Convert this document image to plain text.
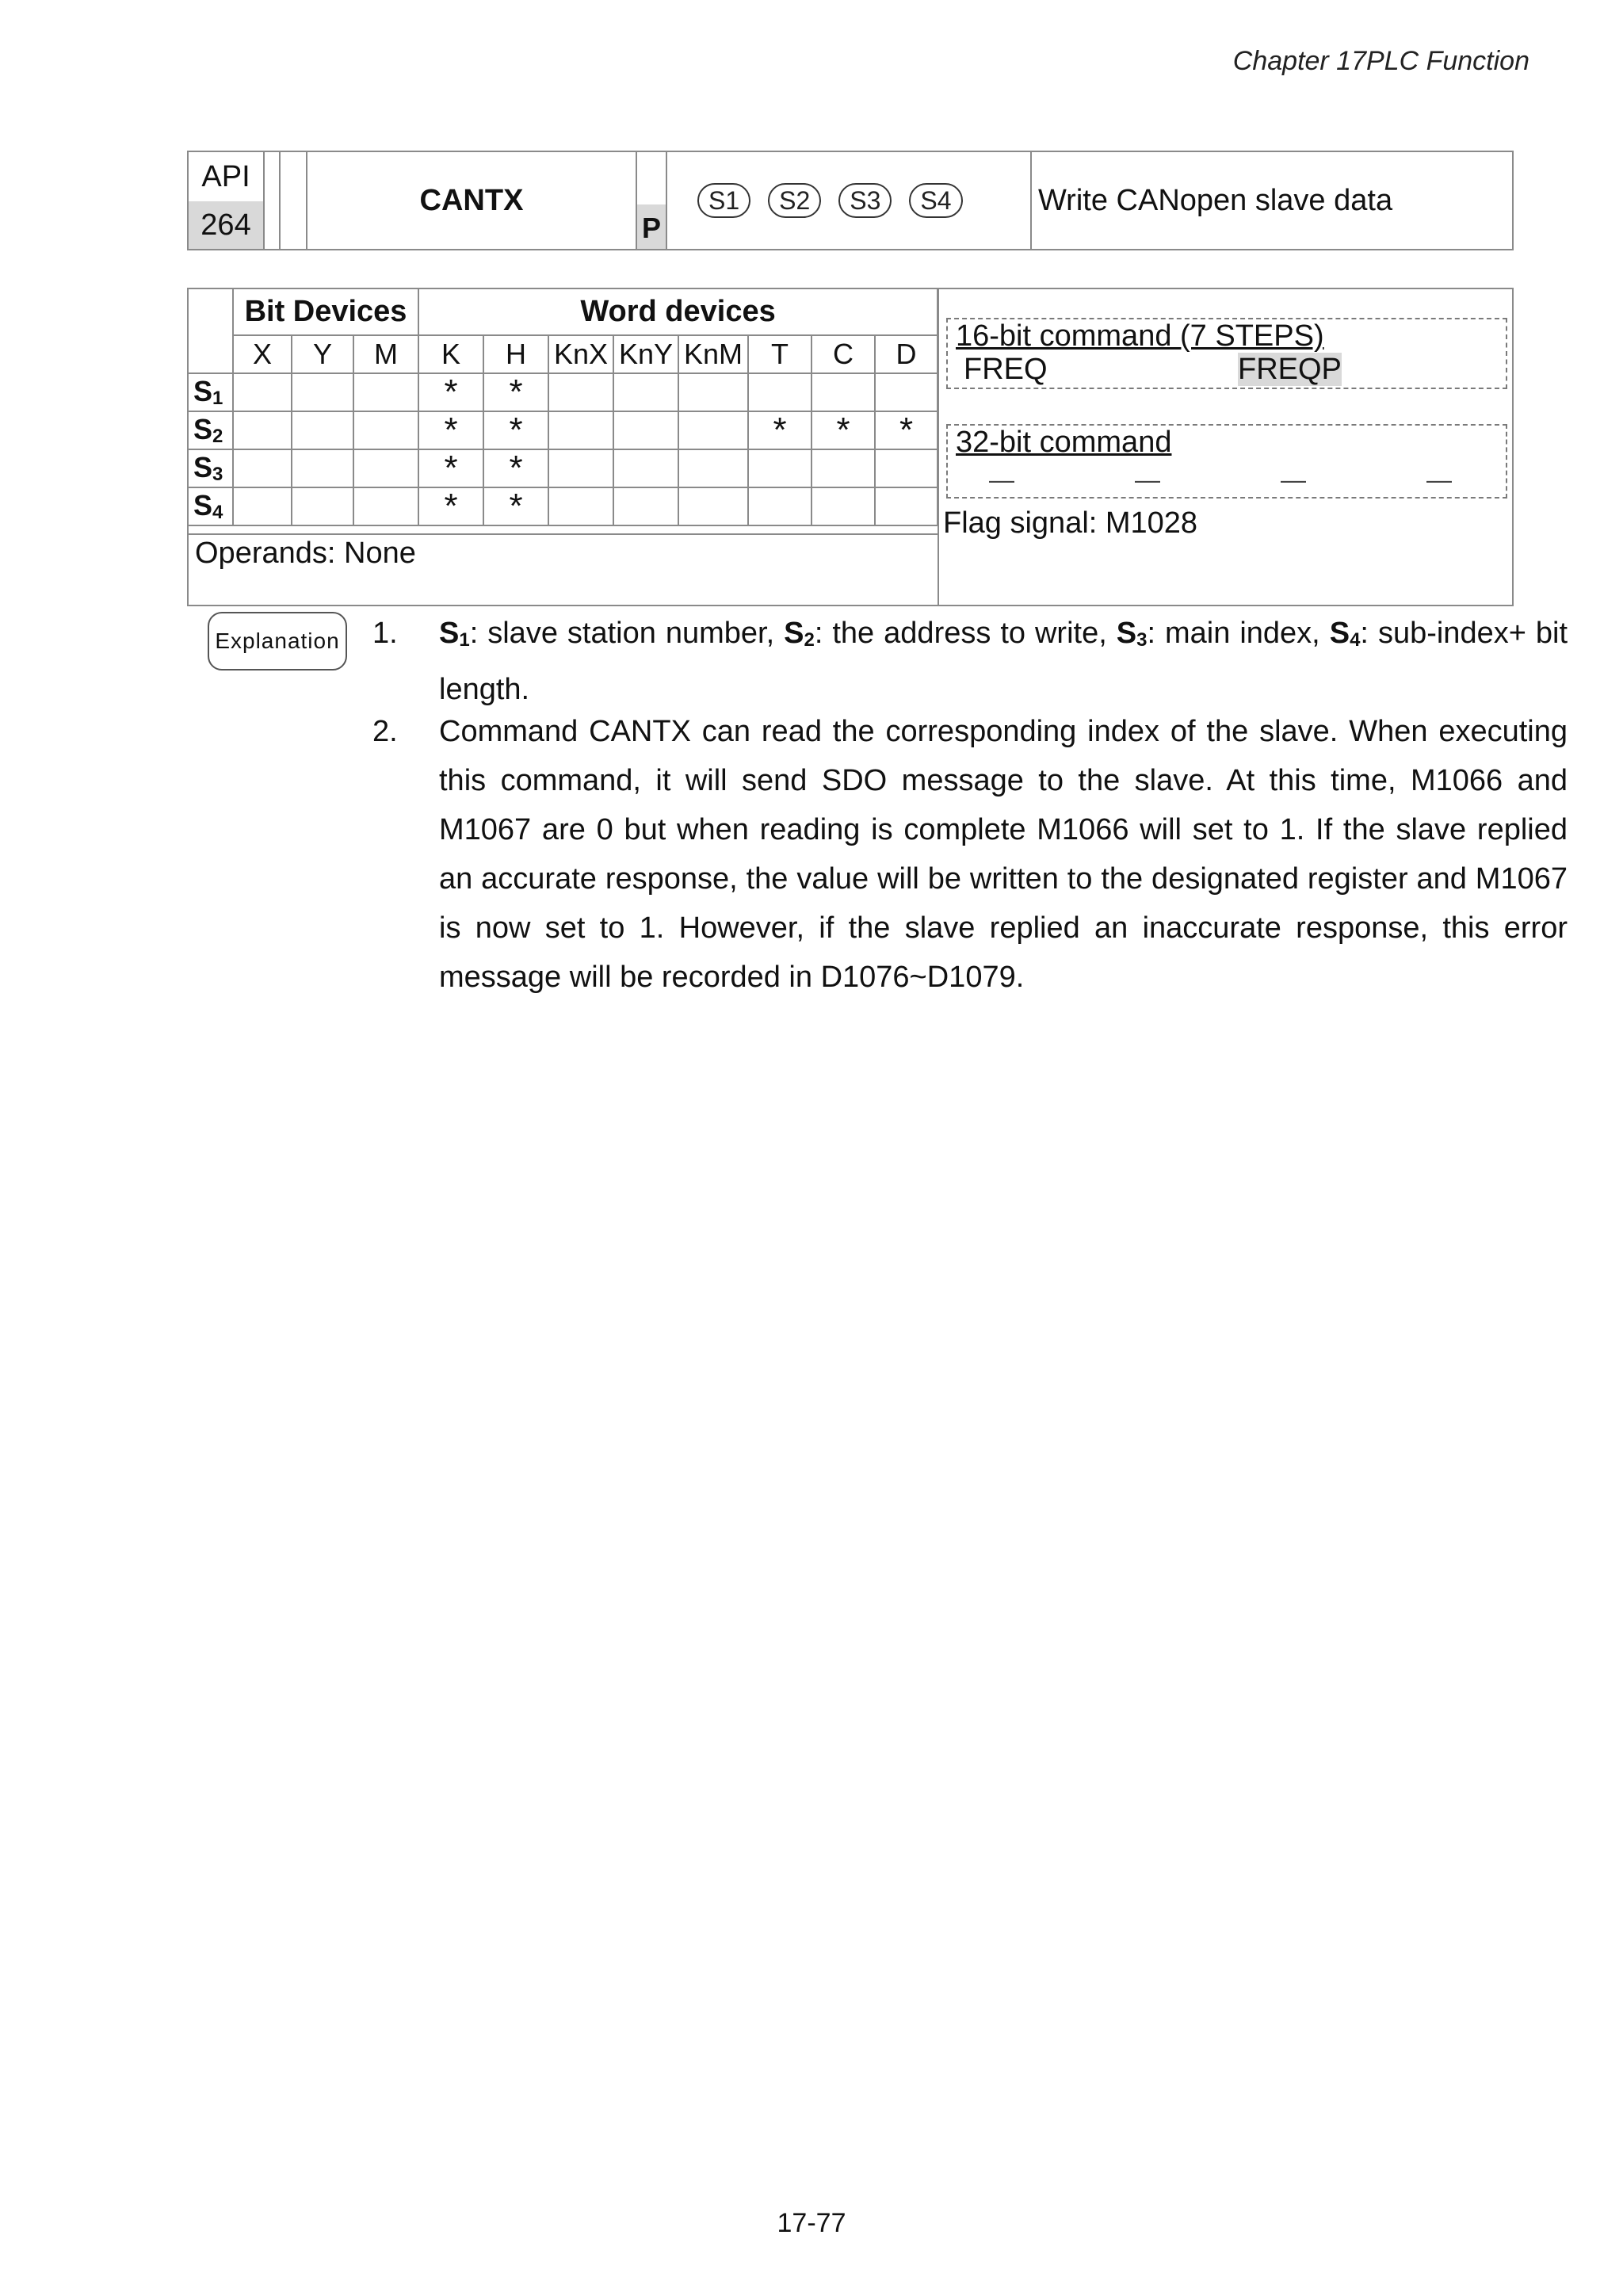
Chapter 17PLC Function
API
264
CANTX
P
S1	S2	S3	S4	Write CANopen slave data
	Bit Devices			Word devices							
	X	Y	M	K	H	KnX	KnY	KnM	T	C	D
S1				*	*						
S2				*	*				*	*	*
S3				*	*						
S4				*	*						
Operands: None
16-bit command (7 STEPS)
FREQ	FREQP
32-bit command
—	—	—	—
Flag signal: M1028
Explanation 1. S1: slave station number, S2: the address to write, S3: main index, S4: sub-index+ bit length.

2. Command CANTX can read the corresponding index of the slave. When executing this command, it will send SDO message to the slave. At this time, M1066 and M1067 are 0 but when reading is complete M1066 will set to 1. If the slave replied an accurate response, the value will be written to the designated register and M1067 is now set to 1. However, if the slave replied an inaccurate response, this error message will be recorded in D1076~D1079.
17-77
